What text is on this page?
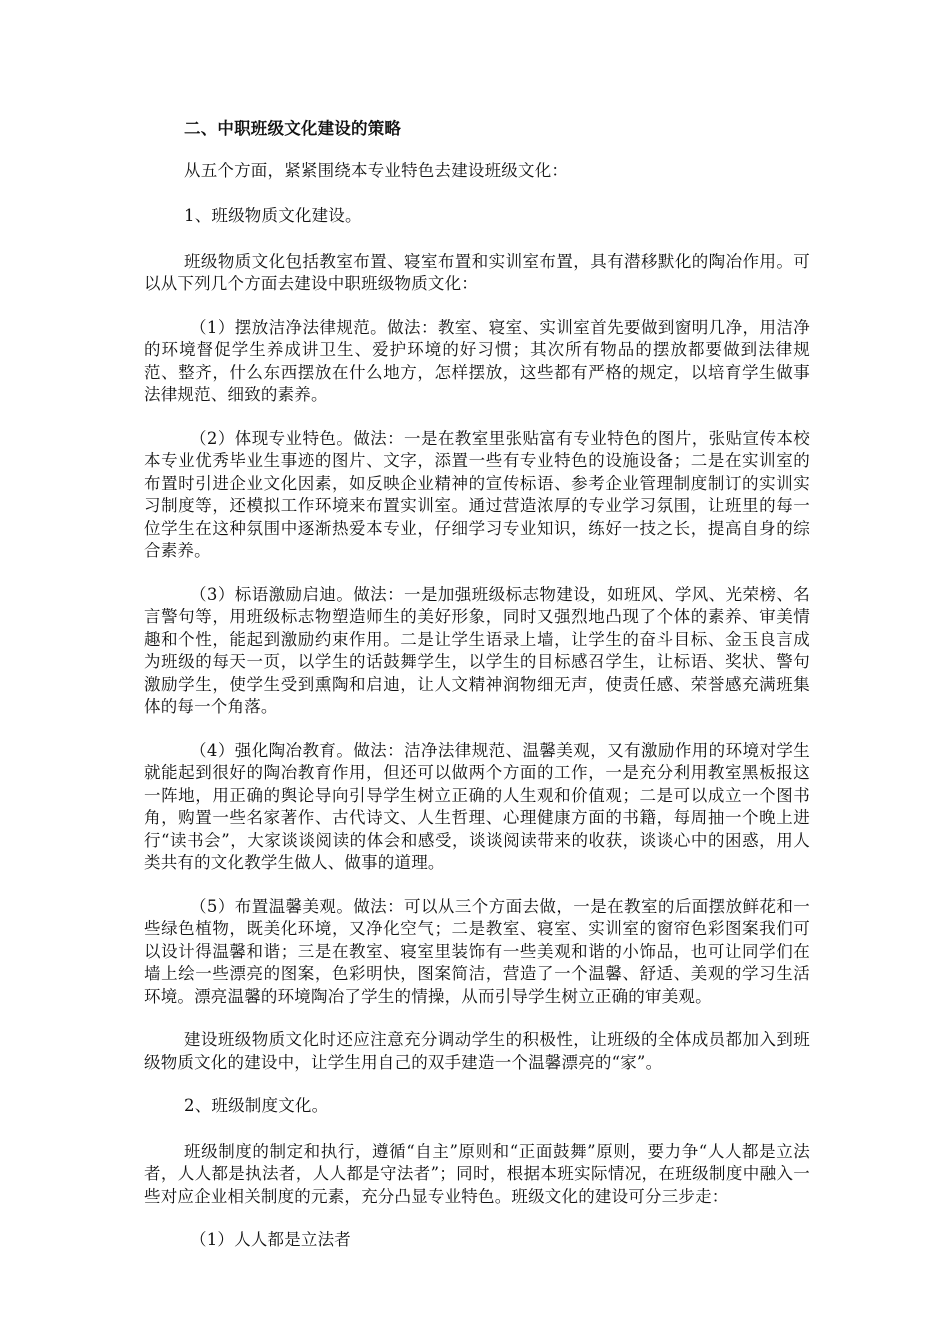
二、中职班级文化建设的策略

从五个方面，紧紧围绕本专业特色去建设班级文化：

1、班级物质文化建设。

班级物质文化包括教室布置、寝室布置和实训室布置，具有潜移默化的陶冶作用。可以从下列几个方面去建设中职班级物质文化：

（1）摆放洁净法律规范。做法：教室、寝室、实训室首先要做到窗明几净，用洁净的环境督促学生养成讲卫生、爱护环境的好习惯；其次所有物品的摆放都要做到法律规范、整齐，什么东西摆放在什么地方，怎样摆放，这些都有严格的规定，以培育学生做事法律规范、细致的素养。

（2）体现专业特色。做法：一是在教室里张贴富有专业特色的图片，张贴宣传本校本专业优秀毕业生事迹的图片、文字，添置一些有专业特色的设施设备；二是在实训室的布置时引进企业文化因素，如反映企业精神的宣传标语、参考企业管理制度制订的实训实习制度等，还模拟工作环境来布置实训室。通过营造浓厚的专业学习氛围，让班里的每一位学生在这种氛围中逐渐热爱本专业，仔细学习专业知识，练好一技之长，提高自身的综合素养。

（3）标语激励启迪。做法：一是加强班级标志物建设，如班风、学风、光荣榜、名言警句等，用班级标志物塑造师生的美好形象，同时又强烈地凸现了个体的素养、审美情趣和个性，能起到激励约束作用。二是让学生语录上墙，让学生的奋斗目标、金玉良言成为班级的每天一页，以学生的话鼓舞学生，以学生的目标感召学生，让标语、奖状、警句激励学生，使学生受到熏陶和启迪，让人文精神润物细无声，使责任感、荣誉感充满班集体的每一个角落。

（4）强化陶冶教育。做法：洁净法律规范、温馨美观，又有激励作用的环境对学生就能起到很好的陶冶教育作用，但还可以做两个方面的工作，一是充分利用教室黑板报这一阵地，用正确的舆论导向引导学生树立正确的人生观和价值观；二是可以成立一个图书角，购置一些名家著作、古代诗文、人生哲理、心理健康方面的书籍，每周抽一个晚上进行“读书会”，大家谈谈阅读的体会和感受，谈谈阅读带来的收获，谈谈心中的困惑，用人类共有的文化教学生做人、做事的道理。

（5）布置温馨美观。做法：可以从三个方面去做，一是在教室的后面摆放鲜花和一些绿色植物，既美化环境，又净化空气；二是教室、寝室、实训室的窗帘色彩图案我们可以设计得温馨和谐；三是在教室、寝室里装饰有一些美观和谐的小饰品，也可让同学们在墙上绘一些漂亮的图案，色彩明快，图案简洁，营造了一个温馨、舒适、美观的学习生活环境。漂亮温馨的环境陶冶了学生的情操，从而引导学生树立正确的审美观。

建设班级物质文化时还应注意充分调动学生的积极性，让班级的全体成员都加入到班级物质文化的建设中，让学生用自己的双手建造一个温馨漂亮的“家”。

2、班级制度文化。

班级制度的制定和执行，遵循“自主”原则和“正面鼓舞”原则，要力争“人人都是立法者，人人都是执法者，人人都是守法者”；同时，根据本班实际情况，在班级制度中融入一些对应企业相关制度的元素，充分凸显专业特色。班级文化的建设可分三步走：

（1）人人都是立法者
